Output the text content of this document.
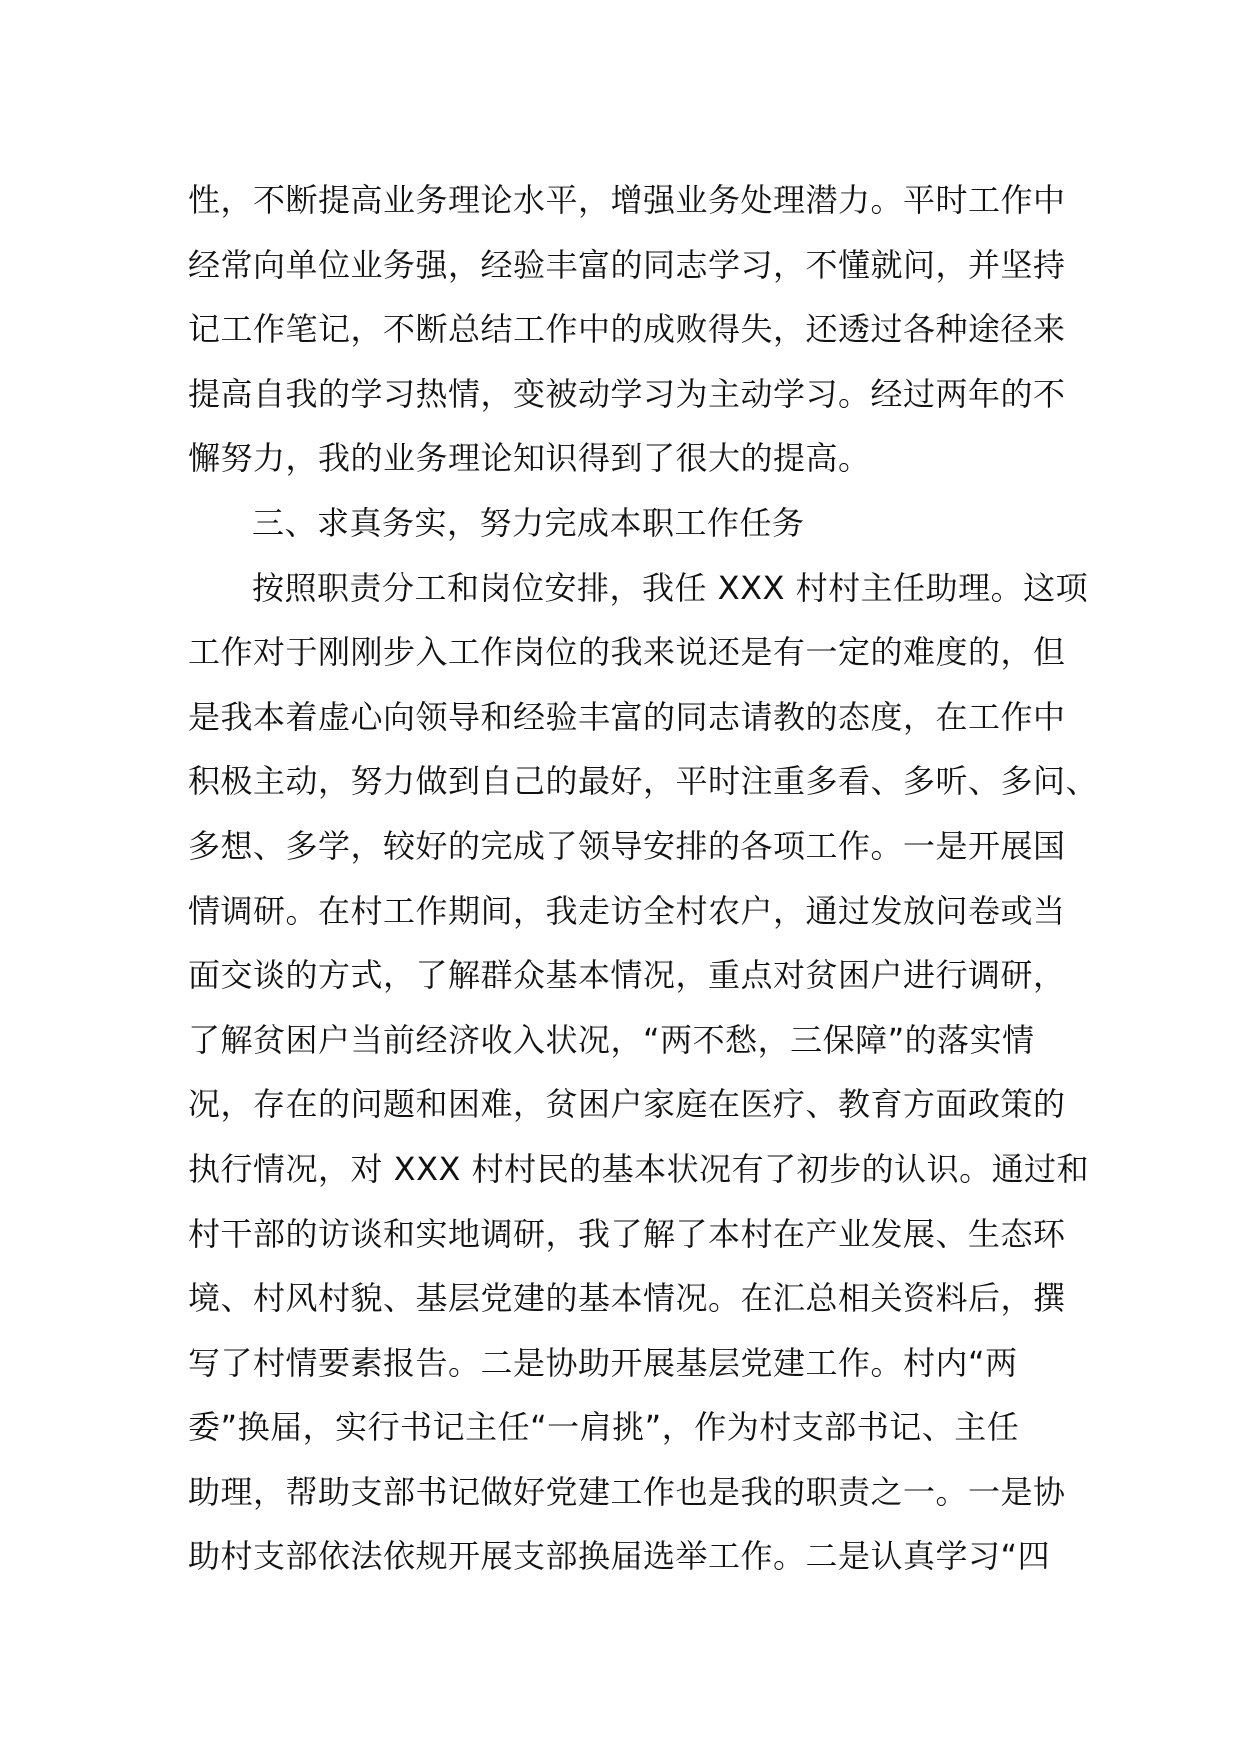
性，不断提高业务理论水平，增强业务处理潜力。平时工作中
经常向单位业务强，经验丰富的同志学习，不懂就问，并坚持
记工作笔记，不断总结工作中的成败得失，还透过各种途径来
提高自我的学习热情，变被动学习为主动学习。经过两年的不
懈努力，我的业务理论知识得到了很大的提高。
三、求真务实，努力完成本职工作任务
按照职责分工和岗位安排，我任 XXX 村村主任助理。这项
工作对于刚刚步入工作岗位的我来说还是有一定的难度的，但
是我本着虚心向领导和经验丰富的同志请教的态度，在工作中
积极主动，努力做到自己的最好，平时注重多看、多听、多问、
多想、多学，较好的完成了领导安排的各项工作。一是开展国
情调研。在村工作期间，我走访全村农户，通过发放问卷或当
面交谈的方式，了解群众基本情况，重点对贫困户进行调研，
了解贫困户当前经济收入状况，“两不愁，三保障”的落实情
况，存在的问题和困难，贫困户家庭在医疗、教育方面政策的
执行情况，对 XXX 村村民的基本状况有了初步的认识。通过和
村干部的访谈和实地调研，我了解了本村在产业发展、生态环
境、村风村貌、基层党建的基本情况。在汇总相关资料后，撰
写了村情要素报告。二是协助开展基层党建工作。村内“两
委”换届，实行书记主任“一肩挑”，作为村支部书记、主任
助理，帮助支部书记做好党建工作也是我的职责之一。一是协
助村支部依法依规开展支部换届选举工作。二是认真学习“四
